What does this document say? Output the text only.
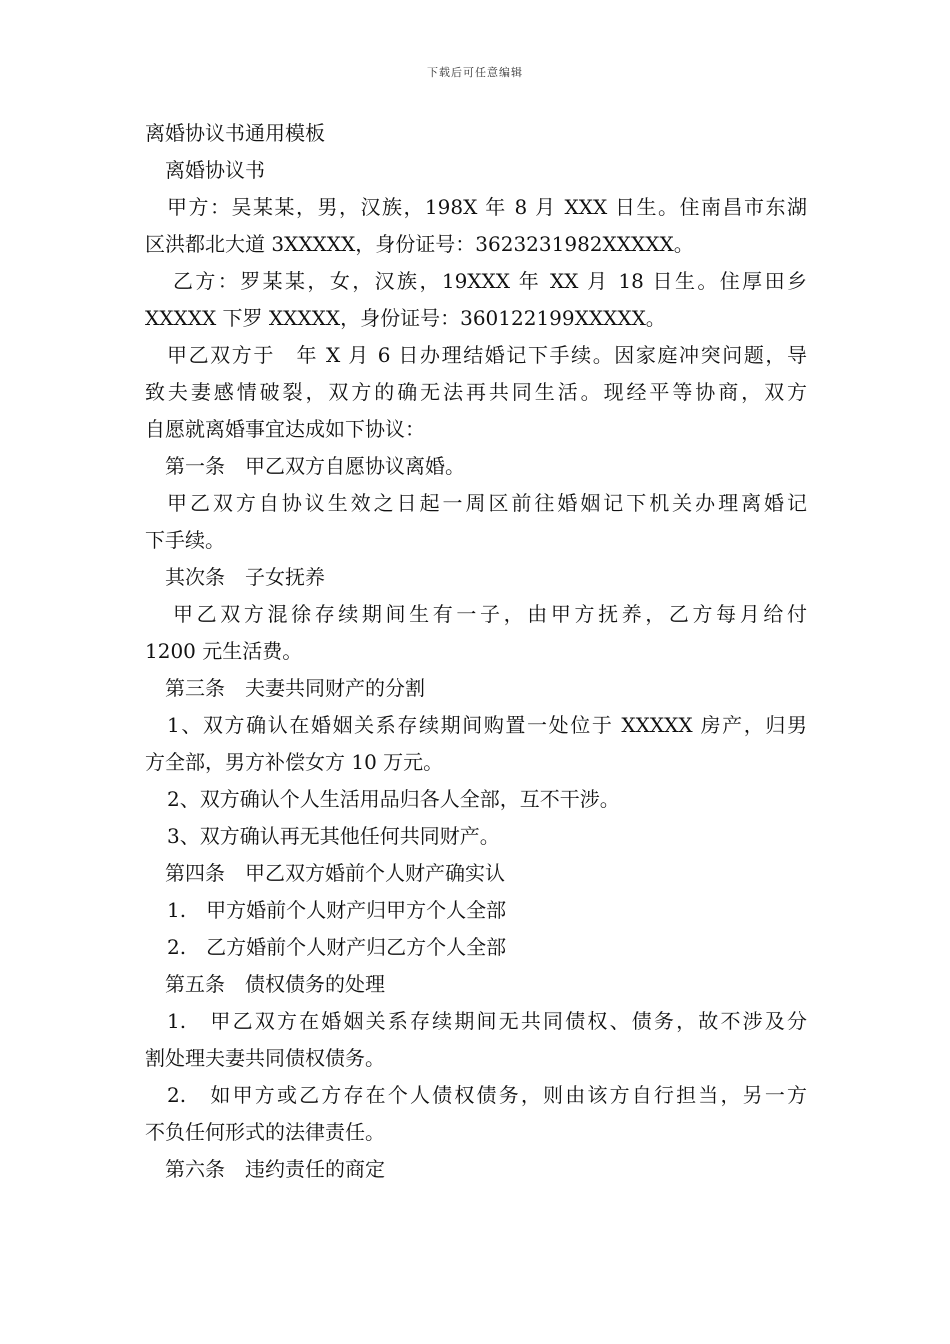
下载后可任意编辑
离婚协议书通用模板
离婚协议书
甲方：吴某某，男，汉族，198X 年 8 月 XXX 日生。住南昌市东湖
区洪都北大道 3XXXXX，身份证号：3623231982XXXXX。
乙方：罗某某，女，汉族，19XXX 年 XX 月 18 日生。住厚田乡
XXXXX 下罗 XXXXX，身份证号：360122199XXXXX。
甲乙双方于　年 X 月 6 日办理结婚记下手续。因家庭冲突问题，导
致夫妻感情破裂，双方的确无法再共同生活。现经平等协商，双方
自愿就离婚事宜达成如下协议：
第一条　甲乙双方自愿协议离婚。
甲乙双方自协议生效之日起一周区前往婚姻记下机关办理离婚记
下手续。
其次条　子女抚养
甲乙双方混徐存续期间生有一子，由甲方抚养，乙方每月给付
1200 元生活费。
第三条　夫妻共同财产的分割
1、双方确认在婚姻关系存续期间购置一处位于 XXXXX 房产，归男
方全部，男方补偿女方 10 万元。
2、双方确认个人生活用品归各人全部，互不干涉。
3、双方确认再无其他任何共同财产。
第四条　甲乙双方婚前个人财产确实认
1.　甲方婚前个人财产归甲方个人全部
2.　乙方婚前个人财产归乙方个人全部
第五条　债权债务的处理
1.　甲乙双方在婚姻关系存续期间无共同债权、债务，故不涉及分
割处理夫妻共同债权债务。
2.　如甲方或乙方存在个人债权债务，则由该方自行担当，另一方
不负任何形式的法律责任。
第六条　违约责任的商定
